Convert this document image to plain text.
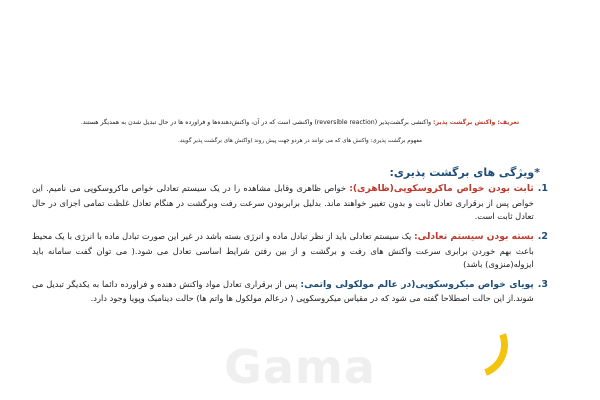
تعریف: واکنش برگشت پذیر: واکنشی برگشت‌پذیر (reversible reaction) واکنشی است که در آن، واکنش‌دهنده‌ها و فراورده ها در حال تبدیل شدن به همدیگر هستند.
مفهوم برگشت پذیری: واکنش های که می توانند در هردو جهت پیش روند (واکنش های برگشت پذیر گویند.
*ویژگی های برگشت پذیری:
1.
ثابت بودن خواص ماکروسکوپی(ظاهری): خواص ظاهری وقابل مشاهده را در یک سیستم تعادلی خواص ماکروسکوپی می نامیم. این خواص پس از برقراری تعادل ثابت و بدون تغییر خواهند ماند. بدلیل برابربودن سرعت رفت وبرگشت در هنگام تعادل غلظت تمامی اجزای در حال تعادل ثابت است.
2.
بسته بودن سیستم تعادلی: یک سیستم تعادلی باید از نظر تبادل ماده و انرژی بسته باشد در غیر این صورت تبادل ماده با انرژی با یک محیط باعث بهم خوردن برابری سرعت واکنش های رفت و برگشت و از بین رفتن شرایط اساسی تعادل می شود.( می توان گفت سامانه باید ایزوله(منزوی) باشد)
3.
پویای خواص میکروسکوپی(در عالم مولکولی واتمی: پس از برقراری تعادل مواد واکنش دهنده و فراورده دائما به یکدیگر تبدیل می شوند.از این حالت اصطلاحا گفته می شود که در مقیاس میکروسکوپی ( درعالم مولکول ها واتم ها) حالت دینامیک وپویا وجود دارد.
Gama
